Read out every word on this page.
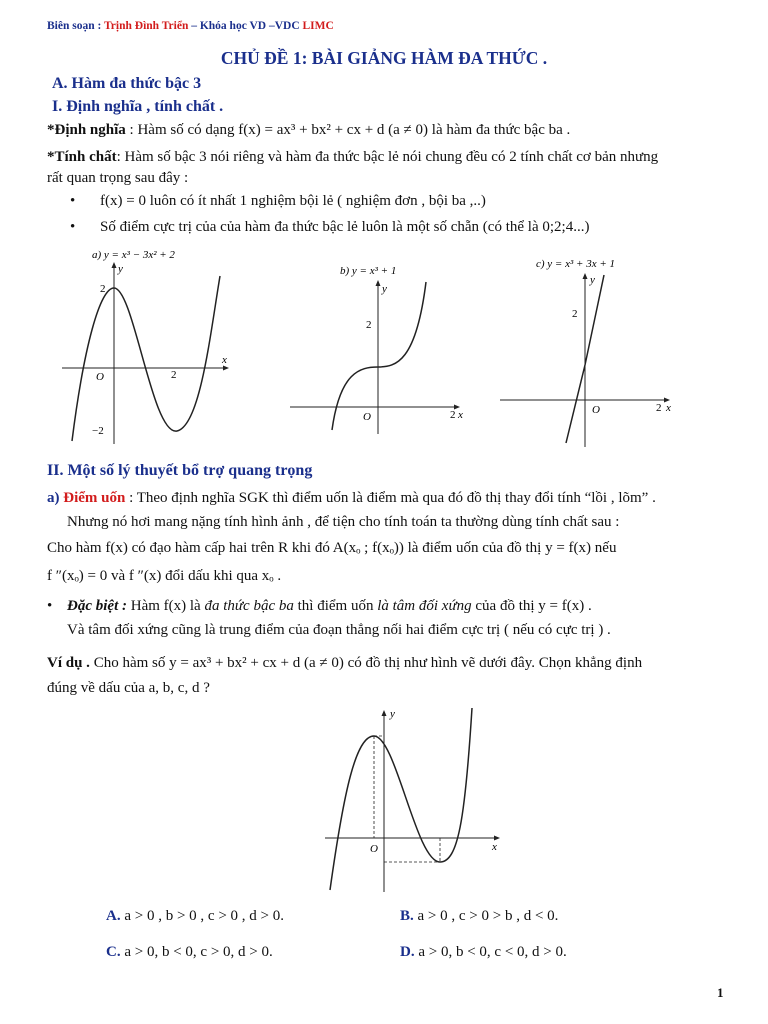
Biên soạn : Trịnh Đình Triển – Khóa học VD –VDC LIMC
CHỦ ĐỀ 1: BÀI GIẢNG HÀM ĐA THỨC .
A. Hàm đa thức bậc 3
I. Định nghĩa , tính chất .
*Định nghĩa : Hàm số có dạng f(x) = ax³ + bx² + cx + d (a ≠ 0) là hàm đa thức bậc ba .
*Tính chất: Hàm số bậc 3 nói riêng và hàm đa thức bậc lẻ nói chung đều có 2 tính chất cơ bản nhưng
rất quan trọng sau đây :
• f(x) = 0 luôn có ít nhất 1 nghiệm bội lẻ ( nghiệm đơn , bội ba ,..)
• Số điểm cực trị của của hàm đa thức bậc lẻ luôn là một số chẵn (có thể là 0;2;4...)
a) y = x³ − 3x² + 2
y
x
O
2
2
−2
b) y = x³ + 1
y
x
O
2
2
c) y = x³ + 3x + 1
y
x
O
2
2
II. Một số lý thuyết bổ trợ quang trọng
a) Điểm uốn : Theo định nghĩa SGK thì điểm uốn là điểm mà qua đó đồ thị thay đổi tính “lồi , lõm” .
Nhưng nó hơi mang nặng tính hình ảnh , để tiện cho tính toán ta thường dùng tính chất sau :
Cho hàm f(x) có đạo hàm cấp hai trên R khi đó A(xₒ ; f(xₒ)) là điểm uốn của đồ thị y = f(x) nếu
f ″(xₒ) = 0 và f ″(x) đổi dấu khi qua xₒ .
• Đặc biệt : Hàm f(x) là đa thức bậc ba thì điểm uốn là tâm đối xứng của đồ thị y = f(x) .
Và tâm đối xứng cũng là trung điểm của đoạn thẳng nối hai điểm cực trị ( nếu có cực trị ) .
Ví dụ . Cho hàm số y = ax³ + bx² + cx + d (a ≠ 0) có đồ thị như hình vẽ dưới đây. Chọn khẳng định
đúng về dấu của a, b, c, d ?
y
x
O
A. a > 0 , b > 0 , c > 0 , d > 0.	B. a > 0 , c > 0 > b , d < 0.
C. a > 0, b < 0, c > 0, d > 0.	D. a > 0, b < 0, c < 0, d > 0.
1
